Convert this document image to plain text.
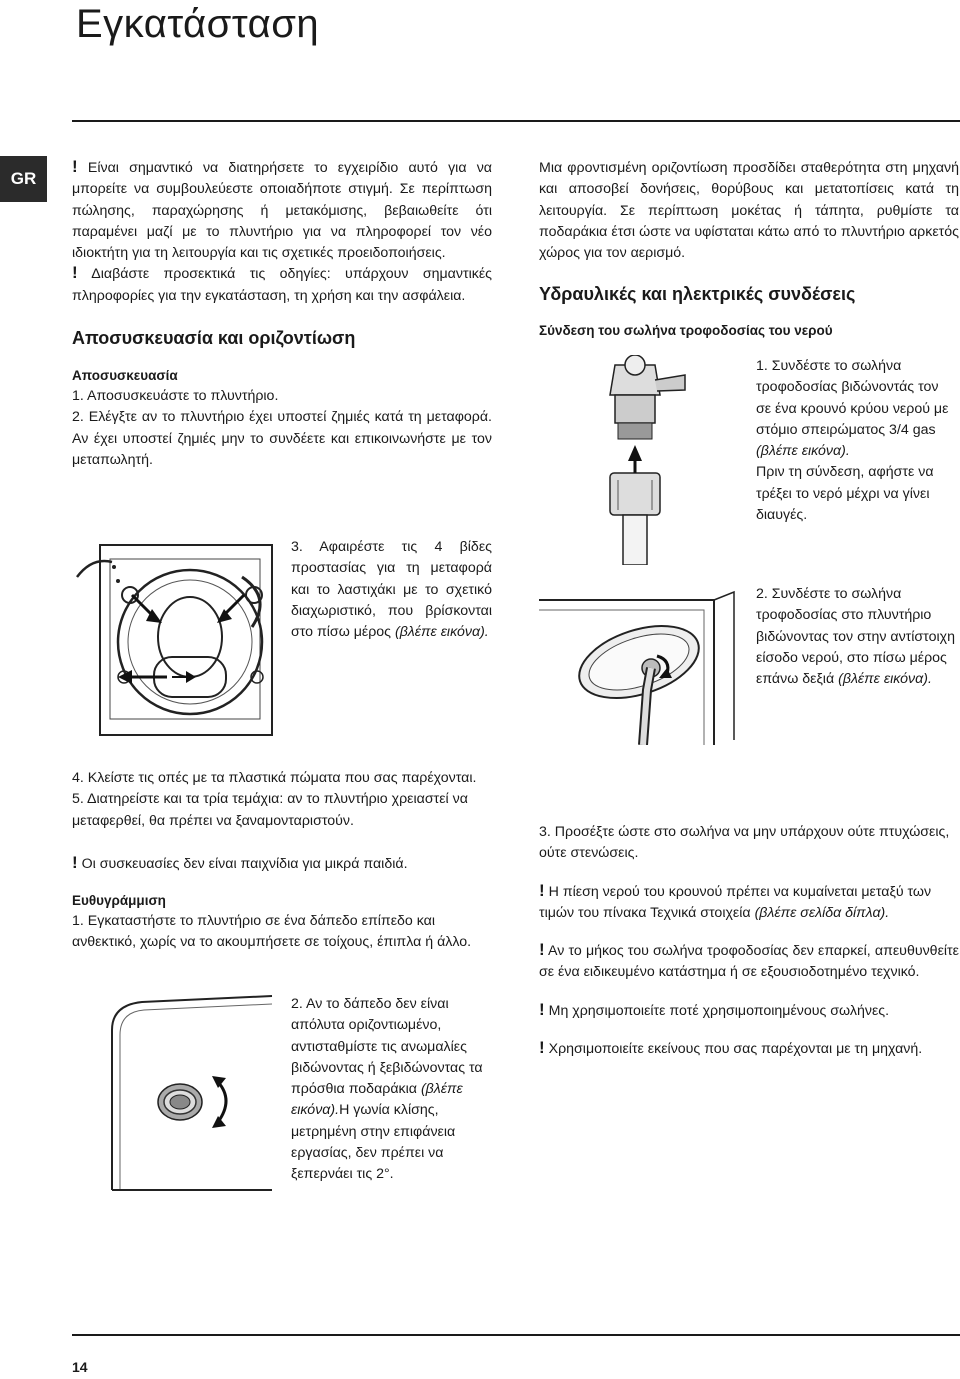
Εγκατάσταση
GR

! Είναι σημαντικό να διατηρήσετε το εγχειρίδιο αυτό για να μπορείτε να συμβουλεύεστε οποιαδήποτε στιγμή. Σε περίπτωση πώλησης, παραχώρησης ή μετακόμισης, βεβαιωθείτε ότι παραμένει μαζί με το πλυντήριο για να πληροφορεί τον νέο ιδιοκτήτη για τη λειτουργία και τις σχετικές προειδοποιήσεις.

! Διαβάστε προσεκτικά τις οδηγίες: υπάρχουν σημαντικές πληροφορίες για την εγκατάσταση, τη χρήση και την ασφάλεια.

Αποσυσκευασία και οριζοντίωση
Αποσυσκευασία

1. Αποσυσκευάστε το πλυντήριο.

2. Ελέγξτε αν το πλυντήριο έχει υποστεί ζημιές κατά τη μεταφορά. Αν έχει υποστεί ζημιές μην το συνδέετε και επικοινωνήστε με τον μεταπωλητή.

3. Αφαιρέστε τις 4 βίδες προστασίας για τη μεταφορά και το λαστιχάκι με το σχετικό διαχωριστικό, που βρίσκονται στο πίσω μέρος (βλέπε εικόνα).

4. Κλείστε τις οπές με τα πλαστικά πώματα που σας παρέχονται.

5. Διατηρείστε και τα τρία τεμάχια: αν το πλυντήριο χρειαστεί να μεταφερθεί, θα πρέπει να ξαναμονταριστούν.

! Οι συσκευασίες δεν είναι παιχνίδια για μικρά παιδιά.

Ευθυγράμμιση

1. Εγκαταστήστε το πλυντήριο σε ένα δάπεδο επίπεδο και ανθεκτικό, χωρίς να το ακουμπήσετε σε τοίχους, έπιπλα ή άλλο.

2. Αν το δάπεδο δεν είναι απόλυτα οριζοντιωμένο, αντισταθμίστε τις ανωμαλίες βιδώνοντας ή ξεβιδώνοντας τα πρόσθια ποδαράκια (βλέπε εικόνα).Η γωνία κλίσης, μετρημένη στην επιφάνεια εργασίας, δεν πρέπει να ξεπερνάει τις 2°.

Μια φροντισμένη οριζοντίωση προσδίδει σταθερότητα στη μηχανή και αποσοβεί δονήσεις, θορύβους και μετατοπίσεις κατά τη λειτουργία. Σε περίπτωση μοκέτας ή τάπητα, ρυθμίστε τα ποδαράκια έτσι ώστε να υφίσταται κάτω από το πλυντήριο αρκετός χώρος για τον αερισμό.

Υδραυλικές και ηλεκτρικές συνδέσεις
Σύνδεση του σωλήνα τροφοδοσίας του νερού

1. Συνδέστε το σωλήνα τροφοδοσίας βιδώνοντάς τον σε ένα κρουνό κρύου νερού με στόμιο σπειρώματος 3/4 gas (βλέπε εικόνα).

Πριν τη σύνδεση, αφήστε να τρέξει το νερό μέχρι να γίνει διαυγές.

2. Συνδέστε το σωλήνα τροφοδοσίας στο πλυντήριο βιδώνοντας τον στην αντίστοιχη είσοδο νερού, στο πίσω μέρος επάνω δεξιά (βλέπε εικόνα).

3. Προσέξτε ώστε στο σωλήνα να μην υπάρχουν ούτε πτυχώσεις, ούτε στενώσεις.

! Η πίεση νερού του κρουνού πρέπει να κυμαίνεται μεταξύ των τιμών του πίνακα Τεχνικά στοιχεία (βλέπε σελίδα δίπλα).

! Αν το μήκος του σωλήνα τροφοδοσίας δεν επαρκεί, απευθυνθείτε σε ένα ειδικευμένο κατάστημα ή σε εξουσιοδοτημένο τεχνικό.

! Μη χρησιμοποιείτε ποτέ χρησιμοποιημένους σωλήνες.

! Χρησιμοποιείτε εκείνους που σας παρέχονται με τη μηχανή.

14
